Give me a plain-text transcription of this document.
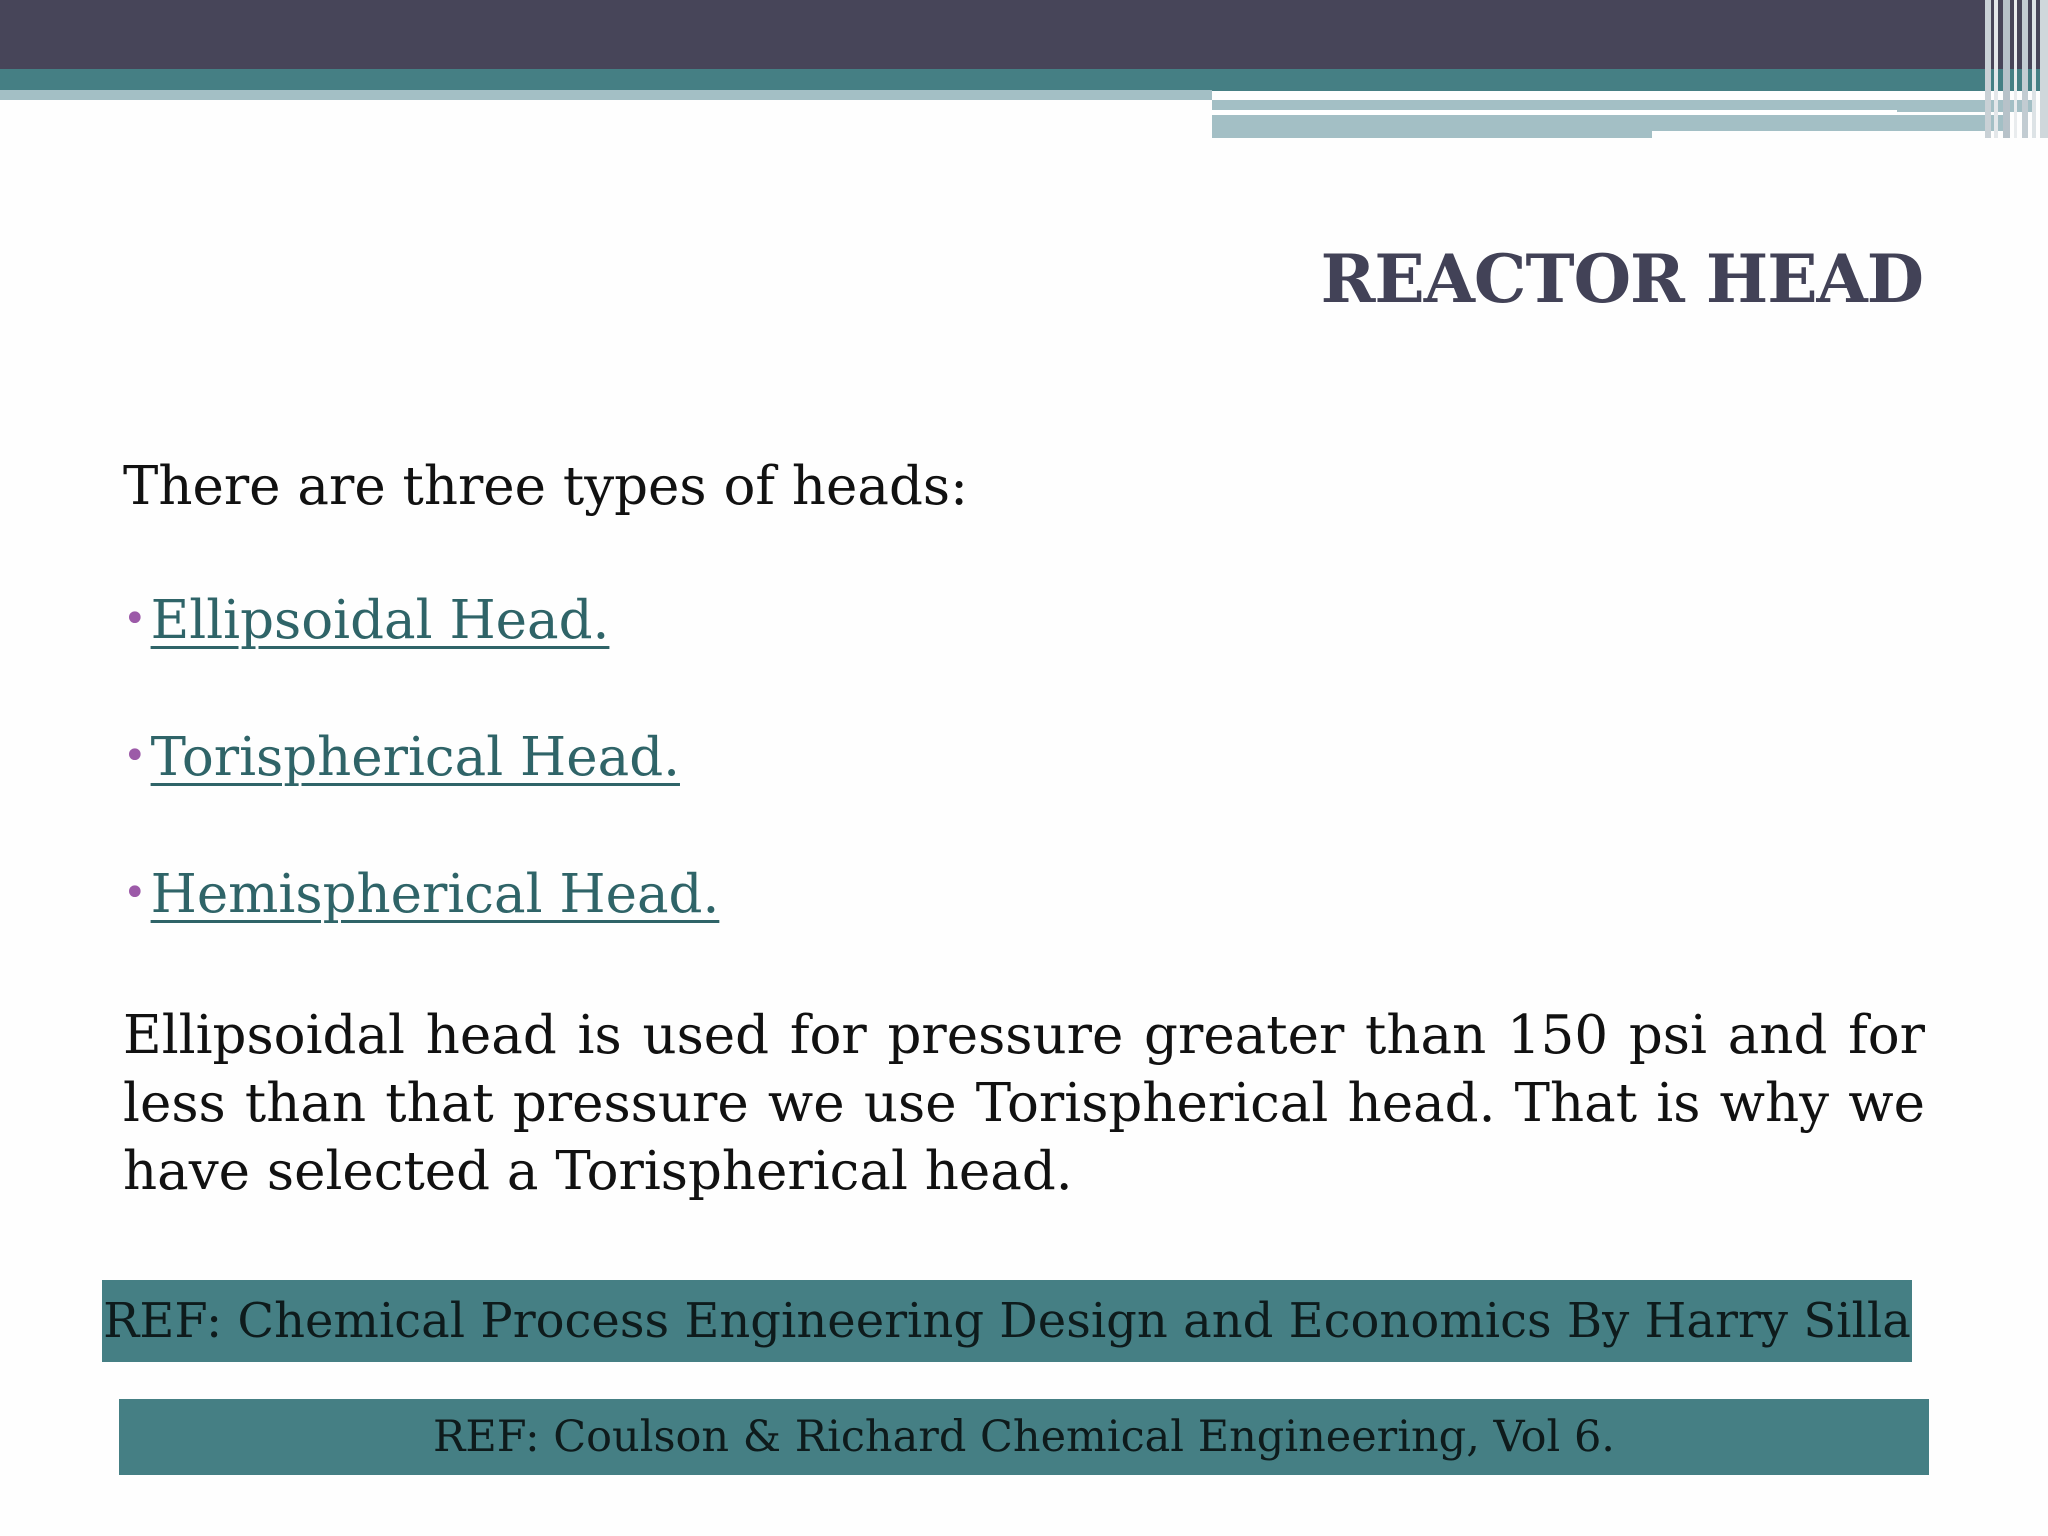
REACTOR HEAD

There are three types of heads:

• Ellipsoidal Head.
• Torispherical Head.
• Hemispherical Head.

Ellipsoidal head is used for pressure greater than 150 psi and for less than that pressure we use Torispherical head. That is why we have selected a Torispherical head.

REF: Chemical Process Engineering Design and Economics By Harry Silla
REF: Coulson & Richard Chemical Engineering, Vol 6.
